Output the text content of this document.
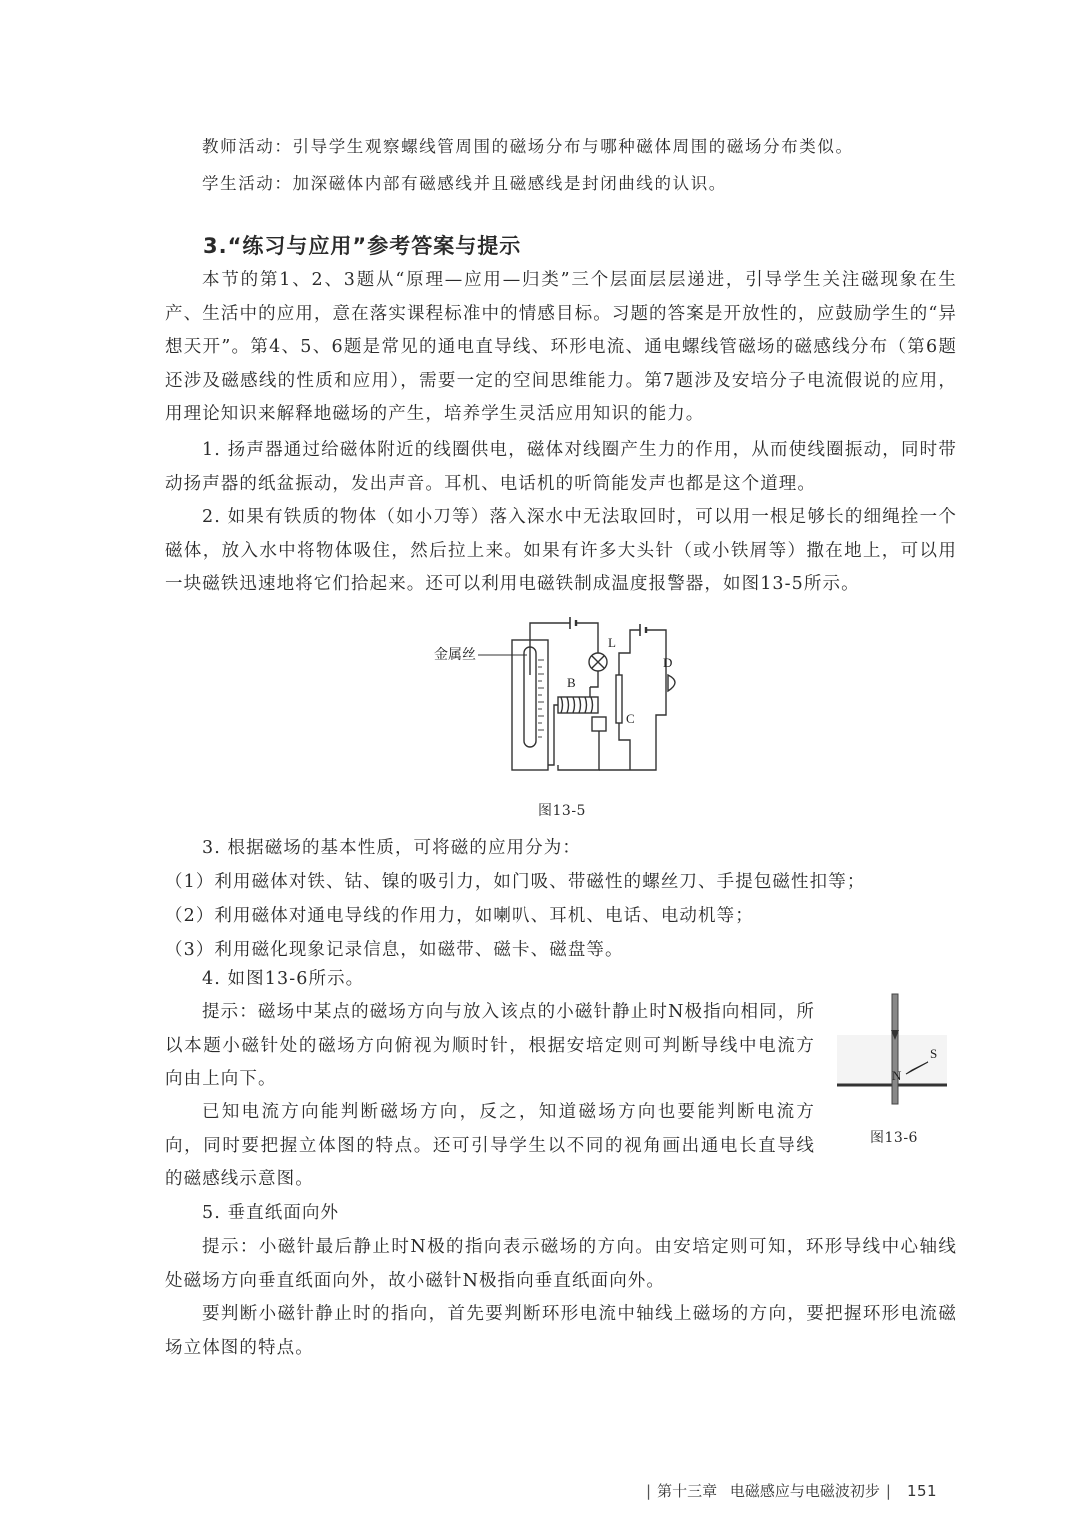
教师活动：引导学生观察螺线管周围的磁场分布与哪种磁体周围的磁场分布类似。

学生活动：加深磁体内部有磁感线并且磁感线是封闭曲线的认识。

3.“练习与应用”参考答案与提示

本节的第1、2、3题从“原理—应用—归类”三个层面层层递进，引导学生关注磁现象在生产、生活中的应用，意在落实课程标准中的情感目标。习题的答案是开放性的，应鼓励学生的“异想天开”。第4、5、6题是常见的通电直导线、环形电流、通电螺线管磁场的磁感线分布（第6题还涉及磁感线的性质和应用），需要一定的空间思维能力。第7题涉及安培分子电流假说的应用，用理论知识来解释地磁场的产生，培养学生灵活应用知识的能力。

1. 扬声器通过给磁体附近的线圈供电，磁体对线圈产生力的作用，从而使线圈振动，同时带动扬声器的纸盆振动，发出声音。耳机、电话机的听筒能发声也都是这个道理。

2. 如果有铁质的物体（如小刀等）落入深水中无法取回时，可以用一根足够长的细绳拴一个磁体，放入水中将物体吸住，然后拉上来。如果有许多大头针（或小铁屑等）撒在地上，可以用一块磁铁迅速地将它们拾起来。还可以利用电磁铁制成温度报警器，如图13-5所示。

金属丝
L
B
C
D
图13-5

3. 根据磁场的基本性质，可将磁的应用分为：

（1）利用磁体对铁、钴、镍的吸引力，如门吸、带磁性的螺丝刀、手提包磁性扣等；

（2）利用磁体对通电导线的作用力，如喇叭、耳机、电话、电动机等；

（3）利用磁化现象记录信息，如磁带、磁卡、磁盘等。

4. 如图13-6所示。

提示：磁场中某点的磁场方向与放入该点的小磁针静止时N极指向相同，所以本题小磁针处的磁场方向俯视为顺时针，根据安培定则可判断导线中电流方向由上向下。

已知电流方向能判断磁场方向，反之，知道磁场方向也要能判断电流方向，同时要把握立体图的特点。还可引导学生以不同的视角画出通电长直导线的磁感线示意图。

N
S
图13-6

5. 垂直纸面向外

提示：小磁针最后静止时N极的指向表示磁场的方向。由安培定则可知，环形导线中心轴线处磁场方向垂直纸面向外，故小磁针N极指向垂直纸面向外。

要判断小磁针静止时的指向，首先要判断环形电流中轴线上磁场的方向，要把握环形电流磁场立体图的特点。

| 第十三章 电磁感应与电磁波初步 | 151
